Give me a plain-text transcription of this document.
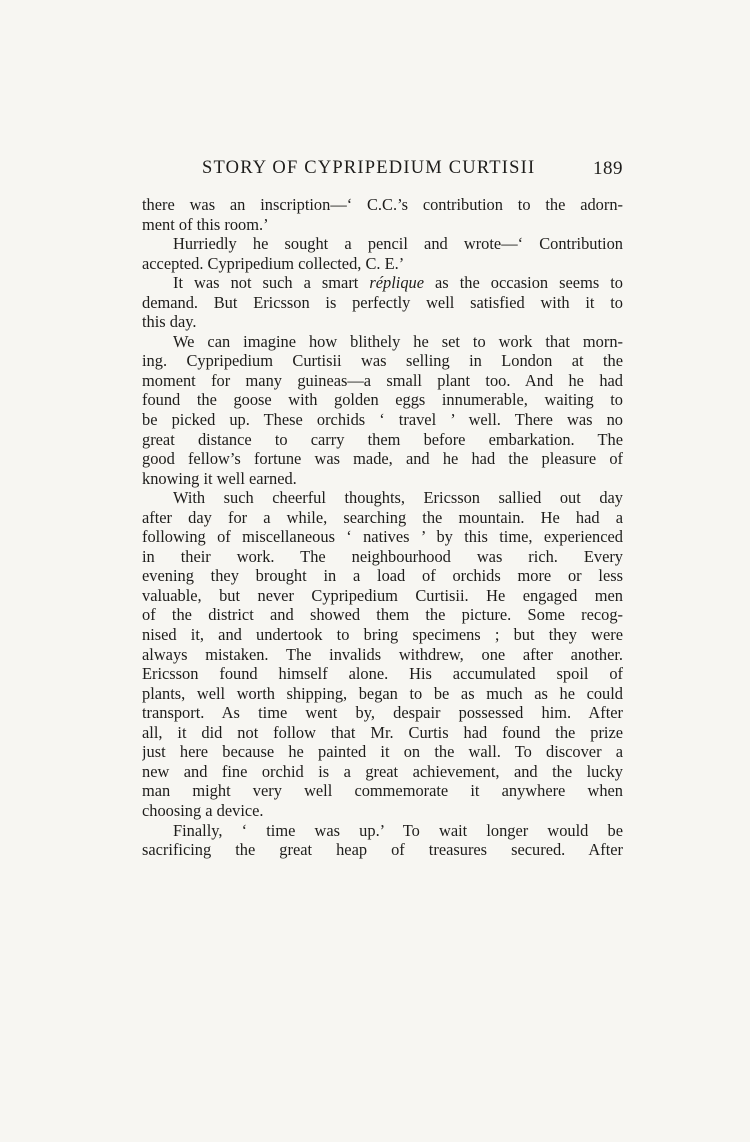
STORY OF CYPRIPEDIUM CURTISII	189
there was an inscription—‘ C.C.’s contribution to the adorn-
ment of this room.’
Hurriedly he sought a pencil and wrote—‘ Contribution
accepted. Cypripedium collected, C. E.’
It was not such a smart réplique as the occasion seems to
demand. But Ericsson is perfectly well satisfied with it to
this day.
We can imagine how blithely he set to work that morn-
ing. Cypripedium Curtisii was selling in London at the
moment for many guineas—a small plant too. And he had
found the goose with golden eggs innumerable, waiting to
be picked up. These orchids ‘ travel ’ well. There was no
great distance to carry them before embarkation. The
good fellow’s fortune was made, and he had the pleasure of
knowing it well earned.
With such cheerful thoughts, Ericsson sallied out day
after day for a while, searching the mountain. He had a
following of miscellaneous ‘ natives ’ by this time, experienced
in their work. The neighbourhood was rich. Every
evening they brought in a load of orchids more or less
valuable, but never Cypripedium Curtisii. He engaged men
of the district and showed them the picture. Some recog-
nised it, and undertook to bring specimens ; but they were
always mistaken. The invalids withdrew, one after another.
Ericsson found himself alone. His accumulated spoil of
plants, well worth shipping, began to be as much as he could
transport. As time went by, despair possessed him. After
all, it did not follow that Mr. Curtis had found the prize
just here because he painted it on the wall. To discover a
new and fine orchid is a great achievement, and the lucky
man might very well commemorate it anywhere when
choosing a device.
Finally, ‘ time was up.’ To wait longer would be
sacrificing the great heap of treasures secured. After
